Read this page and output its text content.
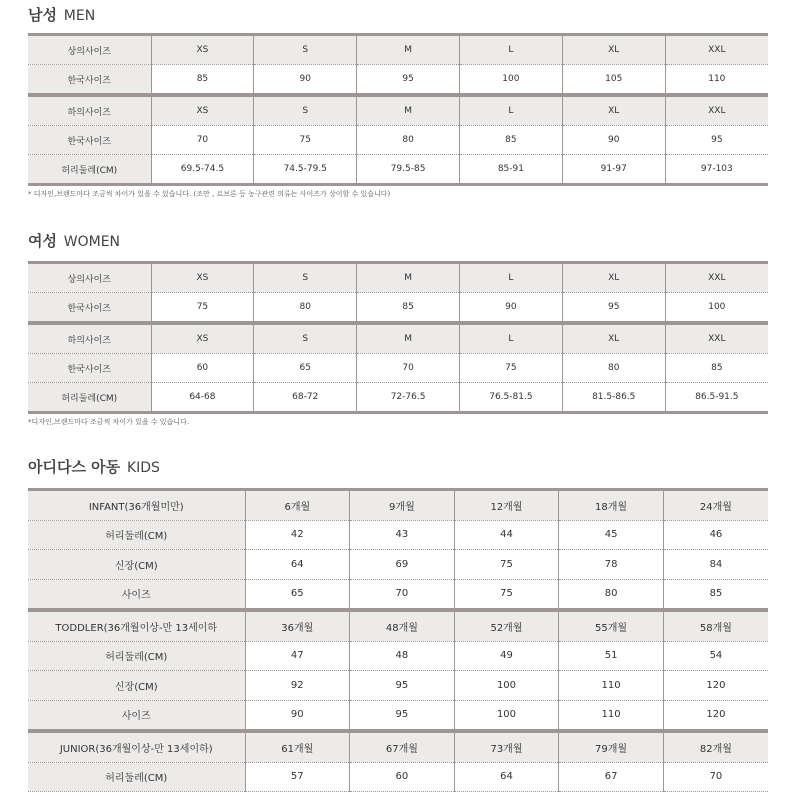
남성 MEN
상의사이즈	XS	S	M	L	XL	XXL
한국사이즈	85	90	95	100	105	110
하의사이즈	XS	S	M	L	XL	XXL
한국사이즈	70	75	80	85	90	95
허리둘레(CM)	69.5-74.5	74.5-79.5	79.5-85	85-91	91-97	97-103
* 디자인,브랜드마다 조금씩 차이가 있을 수 있습니다. (조만 , 르브론 등 농구관련 의류는 사이즈가 상이할 수 있습니다)
여성 WOMEN
상의사이즈	XS	S	M	L	XL	XXL
한국사이즈	75	80	85	90	95	100
하의사이즈	XS	S	M	L	XL	XXL
한국사이즈	60	65	70	75	80	85
허리둘레(CM)	64-68	68-72	72-76.5	76.5-81.5	81.5-86.5	86.5-91.5
*디자인,브랜드마다 조금씩 차이가 있을 수 있습니다.
아디다스 아동 KIDS
INFANT(36개월미만)	6개월	9개월	12개월	18개월	24개월
허리둘레(CM)	42	43	44	45	46
신장(CM)	64	69	75	78	84
사이즈	65	70	75	80	85
TODDLER(36개월이상-만 13세이하	36개월	48개월	52개월	55개월	58개월
허리둘레(CM)	47	48	49	51	54
신장(CM)	92	95	100	110	120
사이즈	90	95	100	110	120
JUNIOR(36개월이상-만 13세이하)	61개월	67개월	73개월	79개월	82개월
허리둘레(CM)	57	60	64	67	70
